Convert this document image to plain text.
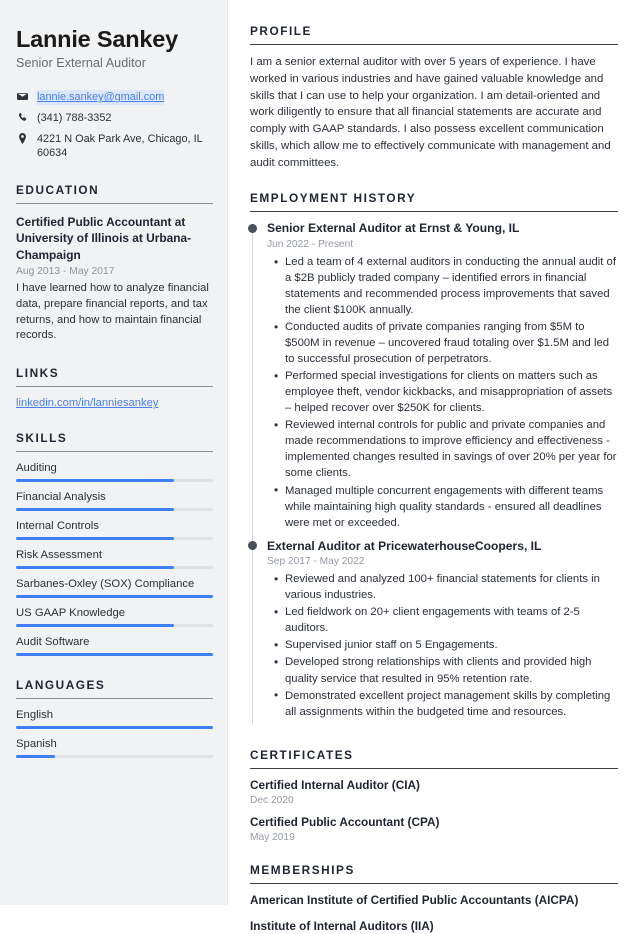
Lannie Sankey
Senior External Auditor
lannie.sankey@gmail.com
(341) 788-3352
4221 N Oak Park Ave, Chicago, IL 60634
EDUCATION
Certified Public Accountant at University of Illinois at Urbana-Champaign
Aug 2013 - May 2017
I have learned how to analyze financial data, prepare financial reports, and tax returns, and how to maintain financial records.
LINKS
linkedin.com/in/lanniesankey
SKILLS
Auditing
Financial Analysis
Internal Controls
Risk Assessment
Sarbanes-Oxley (SOX) Compliance
US GAAP Knowledge
Audit Software
LANGUAGES
English
Spanish
PROFILE

I am a senior external auditor with over 5 years of experience. I have worked in various industries and have gained valuable knowledge and skills that I can use to help your organization. I am detail-oriented and work diligently to ensure that all financial statements are accurate and comply with GAAP standards. I also possess excellent communication skills, which allow me to effectively communicate with management and audit committees.

EMPLOYMENT HISTORY
Senior External Auditor at Ernst & Young, IL
Jun 2022 - Present
• Led a team of 4 external auditors in conducting the annual audit of a $2B publicly traded company – identified errors in financial statements and recommended process improvements that saved the client $100K annually.
• Conducted audits of private companies ranging from $5M to $500M in revenue – uncovered fraud totaling over $1.5M and led to successful prosecution of perpetrators.
• Performed special investigations for clients on matters such as employee theft, vendor kickbacks, and misappropriation of assets – helped recover over $250K for clients.
• Reviewed internal controls for public and private companies and made recommendations to improve efficiency and effectiveness - implemented changes resulted in savings of over 20% per year for some clients.
• Managed multiple concurrent engagements with different teams while maintaining high quality standards - ensured all deadlines were met or exceeded.
External Auditor at PricewaterhouseCoopers, IL
Sep 2017 - May 2022
• Reviewed and analyzed 100+ financial statements for clients in various industries.
• Led fieldwork on 20+ client engagements with teams of 2-5 auditors.
• Supervised junior staff on 5 Engagements.
• Developed strong relationships with clients and provided high quality service that resulted in 95% retention rate.
• Demonstrated excellent project management skills by completing all assignments within the budgeted time and resources.
CERTIFICATES
Certified Internal Auditor (CIA)
Dec 2020
Certified Public Accountant (CPA)
May 2019
MEMBERSHIPS
American Institute of Certified Public Accountants (AICPA)
Institute of Internal Auditors (IIA)
